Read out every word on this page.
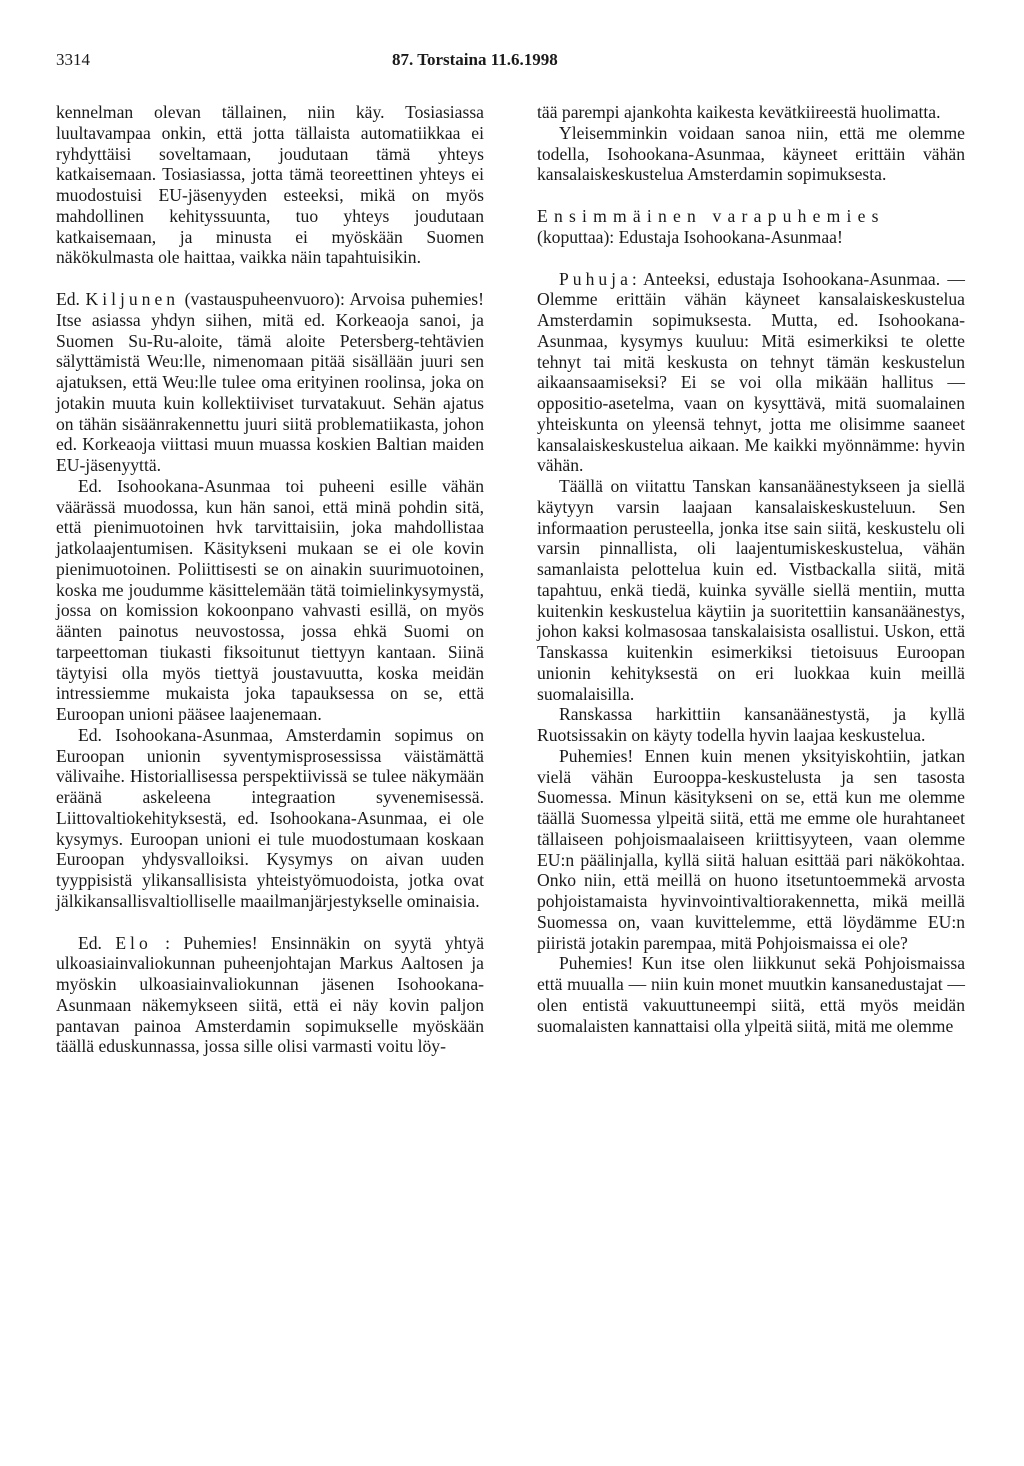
3314	87. Torstaina 11.6.1998

kennelman olevan tällainen, niin käy. Tosiasiassa luultavampaa onkin, että jotta tällaista automatiikkaa ei ryhdyttäisi soveltamaan, joudutaan tämä yhteys katkaisemaan. Tosiasiassa, jotta tämä teoreettinen yhteys ei muodostuisi EU-jäsenyyden esteeksi, mikä on myös mahdollinen kehityssuunta, tuo yhteys joudutaan katkaisemaan, ja minusta ei myöskään Suomen näkökulmasta ole haittaa, vaikka näin tapahtuisikin.

Ed. Kiljunen (vastauspuheenvuoro): Arvoisa puhemies! Itse asiassa yhdyn siihen, mitä ed. Korkeaoja sanoi, ja Suomen Su-Ru-aloite, tämä aloite Petersberg-tehtävien sälyttämistä Weu:lle, nimenomaan pitää sisällään juuri sen ajatuksen, että Weu:lle tulee oma erityinen roolinsa, joka on jotakin muuta kuin kollektiiviset turvatakuut. Sehän ajatus on tähän sisäänrakennettu juuri siitä problematiikasta, johon ed. Korkeaoja viittasi muun muassa koskien Baltian maiden EU-jäsenyyttä.

Ed. Isohookana-Asunmaa toi puheeni esille vähän väärässä muodossa, kun hän sanoi, että minä pohdin sitä, että pienimuotoinen hvk tarvittaisiin, joka mahdollistaa jatkolaajentumisen. Käsitykseni mukaan se ei ole kovin pienimuotoinen. Poliittisesti se on ainakin suurimuotoinen, koska me joudumme käsittelemään tätä toimielinkysymystä, jossa on komission kokoonpano vahvasti esillä, on myös äänten painotus neuvostossa, jossa ehkä Suomi on tarpeettoman tiukasti fiksoitunut tiettyyn kantaan. Siinä täytyisi olla myös tiettyä joustavuutta, koska meidän intressiemme mukaista joka tapauksessa on se, että Euroopan unioni pääsee laajenemaan.

Ed. Isohookana-Asunmaa, Amsterdamin sopimus on Euroopan unionin syventymisprosessissa väistämättä välivaihe. Historiallisessa perspektiivissä se tulee näkymään eräänä askeleena integraation syvenemisessä. Liittovaltiokehityksestä, ed. Isohookana-Asunmaa, ei ole kysymys. Euroopan unioni ei tule muodostumaan koskaan Euroopan yhdysvalloiksi. Kysymys on aivan uuden tyyppisistä ylikansallisista yhteistyömuodoista, jotka ovat jälkikansallisvaltiolliselle maailmanjärjestykselle ominaisia.

Ed. Elo : Puhemies! Ensinnäkin on syytä yhtyä ulkoasiainvaliokunnan puheenjohtajan Markus Aaltosen ja myöskin ulkoasiainvaliokunnan jäsenen Isohookana-Asunmaan näkemykseen siitä, että ei näy kovin paljon pantavan painoa Amsterdamin sopimukselle myöskään täällä eduskunnassa, jossa sille olisi varmasti voitu löy-

tää parempi ajankohta kaikesta kevätkiireestä huolimatta.

Yleisemminkin voidaan sanoa niin, että me olemme todella, Isohookana-Asunmaa, käyneet erittäin vähän kansalaiskeskustelua Amsterdamin sopimuksesta.

Ensimmäinen varapuhemies
(koputtaa): Edustaja Isohookana-Asunmaa!

Puhuja: Anteeksi, edustaja Isohookana-Asunmaa. — Olemme erittäin vähän käyneet kansalaiskeskustelua Amsterdamin sopimuksesta. Mutta, ed. Isohookana-Asunmaa, kysymys kuuluu: Mitä esimerkiksi te olette tehnyt tai mitä keskusta on tehnyt tämän keskustelun aikaansaamiseksi? Ei se voi olla mikään hallitus — oppositio-asetelma, vaan on kysyttävä, mitä suomalainen yhteiskunta on yleensä tehnyt, jotta me olisimme saaneet kansalaiskeskustelua aikaan. Me kaikki myönnämme: hyvin vähän.

Täällä on viitattu Tanskan kansanäänestykseen ja siellä käytyyn varsin laajaan kansalaiskeskusteluun. Sen informaation perusteella, jonka itse sain siitä, keskustelu oli varsin pinnallista, oli laajentumiskeskustelua, vähän samanlaista pelottelua kuin ed. Vistbackalla siitä, mitä tapahtuu, enkä tiedä, kuinka syvälle siellä mentiin, mutta kuitenkin keskustelua käytiin ja suoritettiin kansanäänestys, johon kaksi kolmasosaa tanskalaisista osallistui. Uskon, että Tanskassa kuitenkin esimerkiksi tietoisuus Euroopan unionin kehityksestä on eri luokkaa kuin meillä suomalaisilla.

Ranskassa harkittiin kansanäänestystä, ja kyllä Ruotsissakin on käyty todella hyvin laajaa keskustelua.

Puhemies! Ennen kuin menen yksityiskohtiin, jatkan vielä vähän Eurooppa-keskustelusta ja sen tasosta Suomessa. Minun käsitykseni on se, että kun me olemme täällä Suomessa ylpeitä siitä, että me emme ole hurahtaneet tällaiseen pohjoismaalaiseen kriittisyyteen, vaan olemme EU:n päälinjalla, kyllä siitä haluan esittää pari näkökohtaa. Onko niin, että meillä on huono itsetuntoemmekä arvosta pohjoistamaista hyvinvointivaltiorakennetta, mikä meillä Suomessa on, vaan kuvittelemme, että löydämme EU:n piiristä jotakin parempaa, mitä Pohjoismaissa ei ole?

Puhemies! Kun itse olen liikkunut sekä Pohjoismaissa että muualla — niin kuin monet muutkin kansanedustajat — olen entistä vakuuttuneempi siitä, että myös meidän suomalaisten kannattaisi olla ylpeitä siitä, mitä me olemme
